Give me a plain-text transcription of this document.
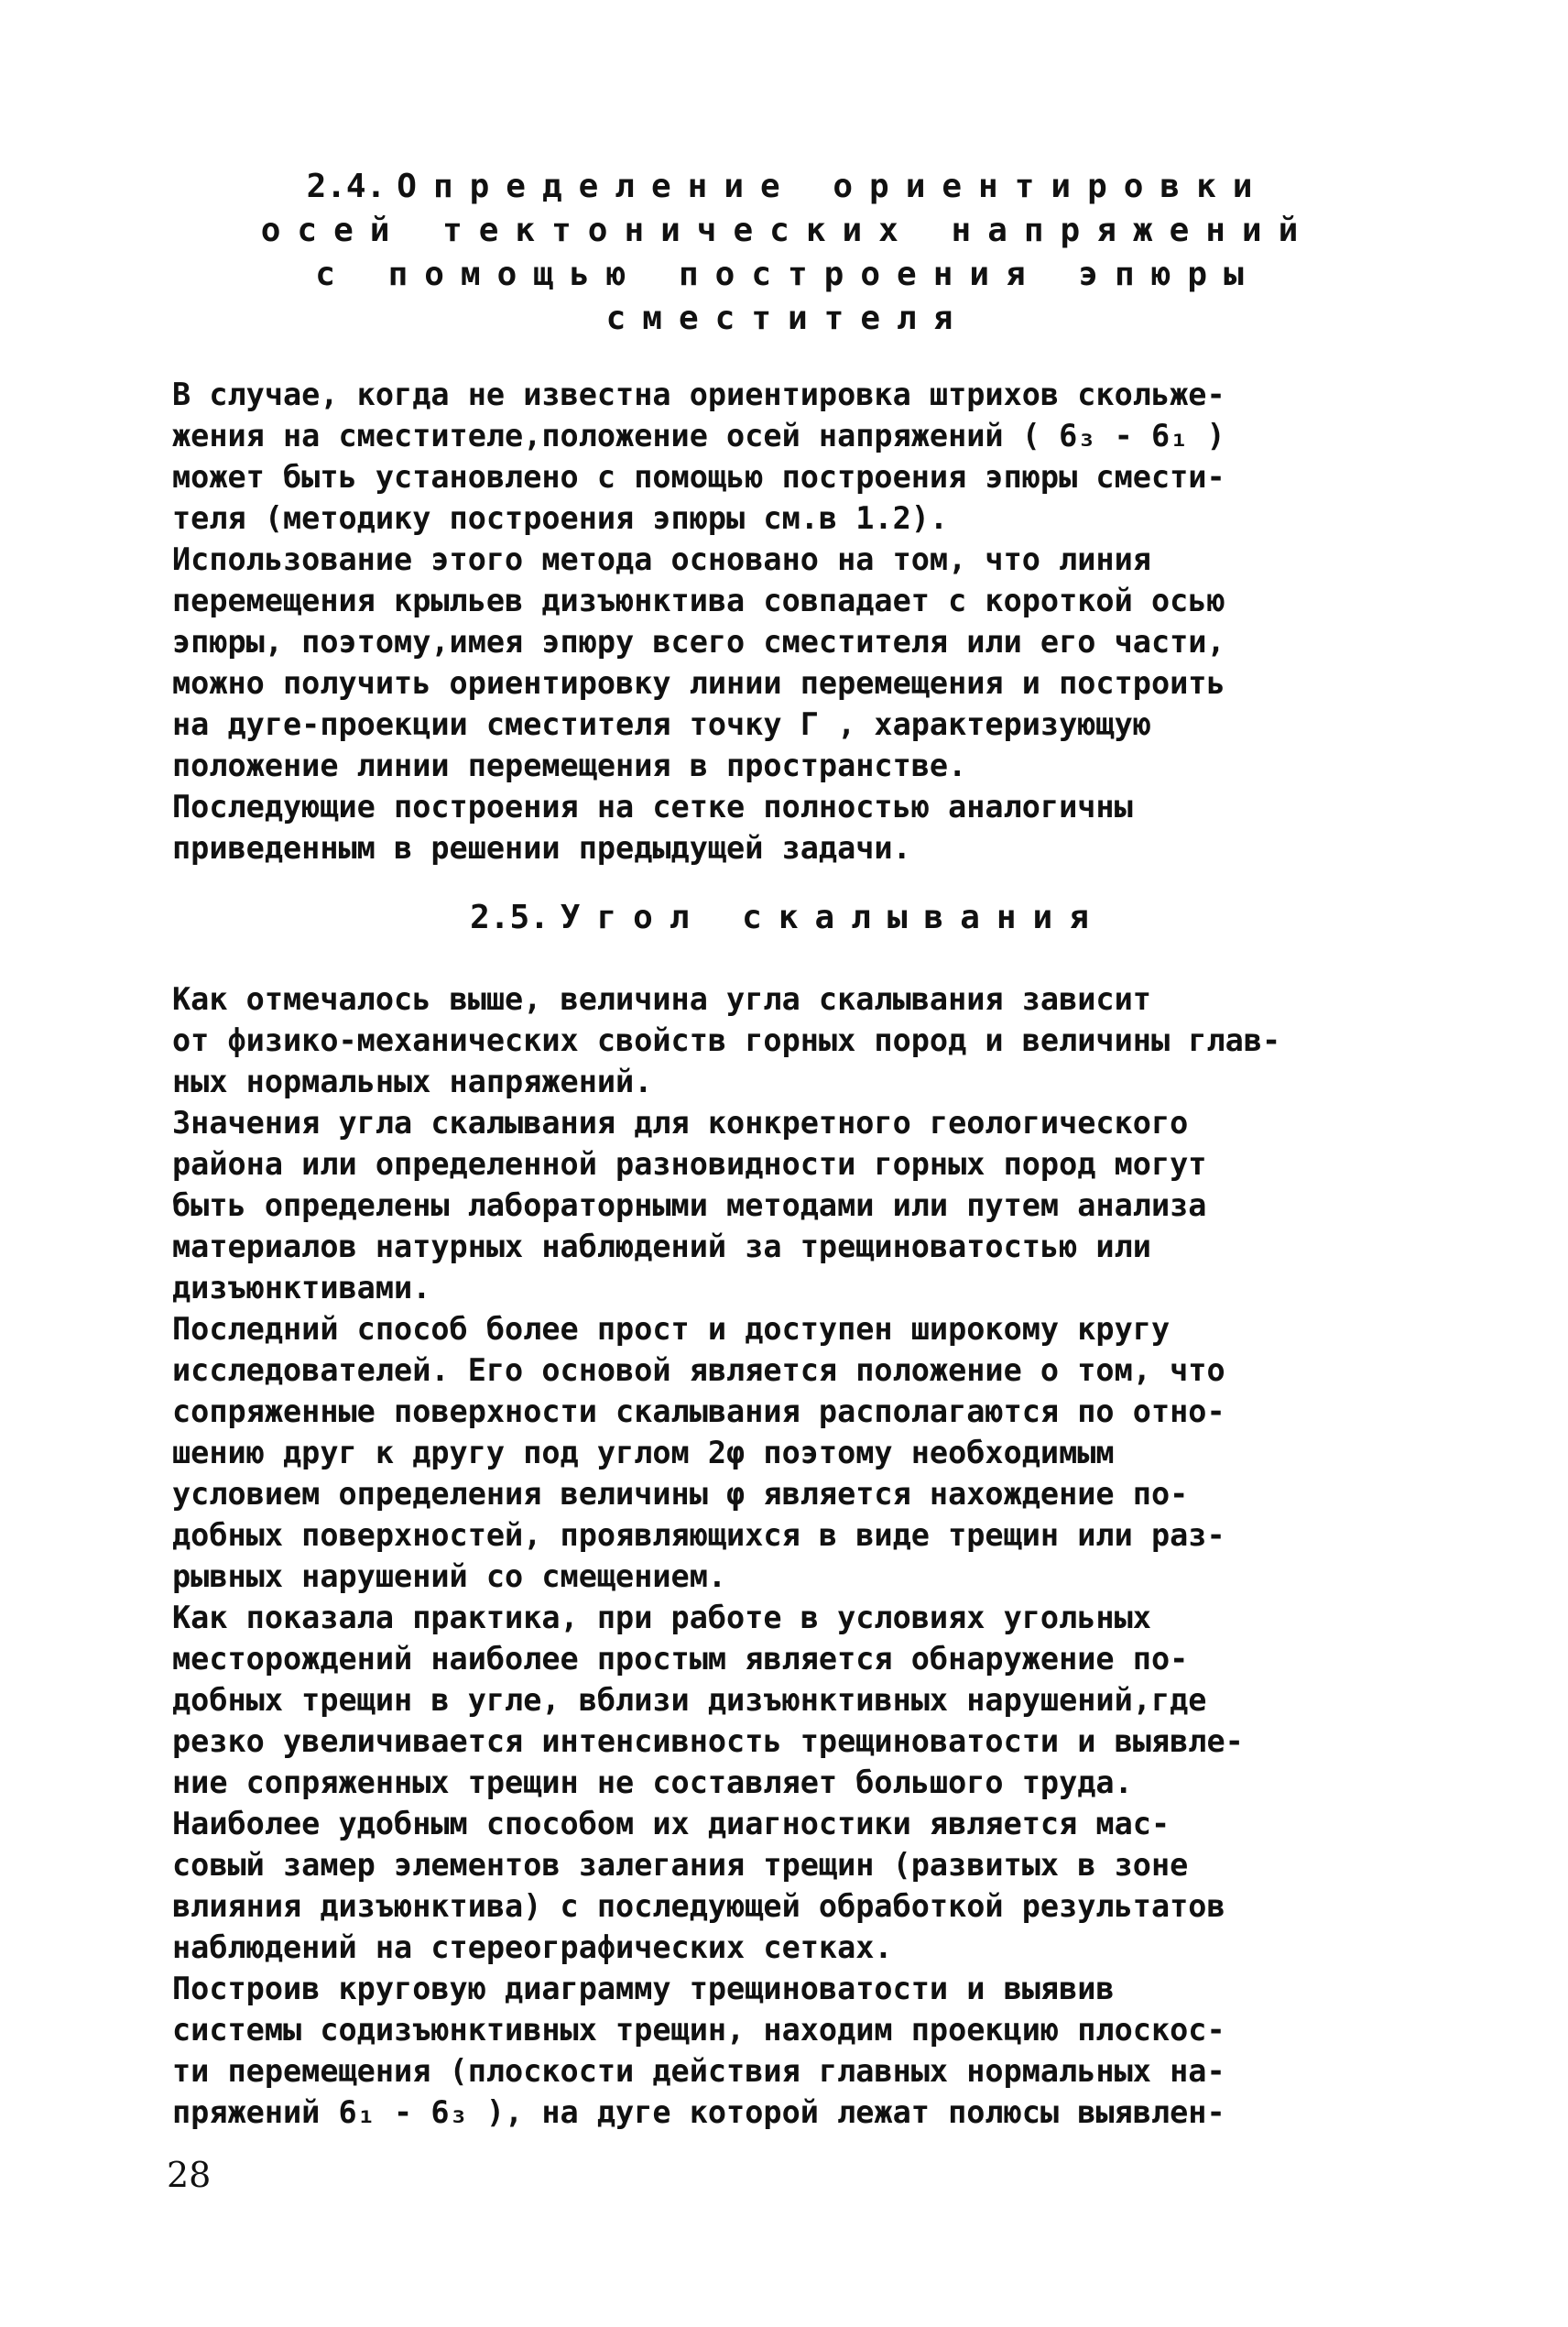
2.4. Определение ориентировки
осей тектонических напряжений
с помощью построения эпюры
сместителя
В случае, когда не известна ориентировка штрихов скольже-
жения на сместителе,положение осей напряжений ( 6₃ - 6₁ )
может быть установлено с помощью построения эпюры смести-
теля (методику построения эпюры см.в 1.2).
Использование этого метода основано на том, что линия
перемещения крыльев дизъюнктива совпадает с короткой осью
эпюры, поэтому,имея эпюру всего сместителя или его части,
можно получить ориентировку линии перемещения и построить
на дуге-проекции сместителя точку Г , характеризующую
положение линии перемещения в пространстве.
Последующие построения на сетке полностью аналогичны
приведенным в решении предыдущей задачи.
2.5. Угол скалывания
Как отмечалось выше, величина угла скалывания зависит
от физико-механических свойств горных пород и величины глав-
ных нормальных напряжений.
Значения угла скалывания для конкретного геологического
района или определенной разновидности горных пород могут
быть определены лабораторными методами или путем анализа
материалов натурных наблюдений за трещиноватостью или
дизъюнктивами.
Последний способ более прост и доступен широкому кругу
исследователей. Его основой является положение о том, что
сопряженные поверхности скалывания располагаются по отно-
шению друг к другу под углом 2φ поэтому необходимым
условием определения величины φ является нахождение по-
добных поверхностей, проявляющихся в виде трещин или раз-
рывных нарушений со смещением.
Как показала практика, при работе в условиях угольных
месторождений наиболее простым является обнаружение по-
добных трещин в угле, вблизи дизъюнктивных нарушений,где
резко увеличивается интенсивность трещиноватости и выявле-
ние сопряженных трещин не составляет большого труда.
Наиболее удобным способом их диагностики является мас-
совый замер элементов залегания трещин (развитых в зоне
влияния дизъюнктива) с последующей обработкой результатов
наблюдений на стереографических сетках.
Построив круговую диаграмму трещиноватости и выявив
системы содизъюнктивных трещин, находим проекцию плоскос-
ти перемещения (плоскости действия главных нормальных на-
пряжений 6₁ - 6₃ ), на дуге которой лежат полюсы выявлен-
28
